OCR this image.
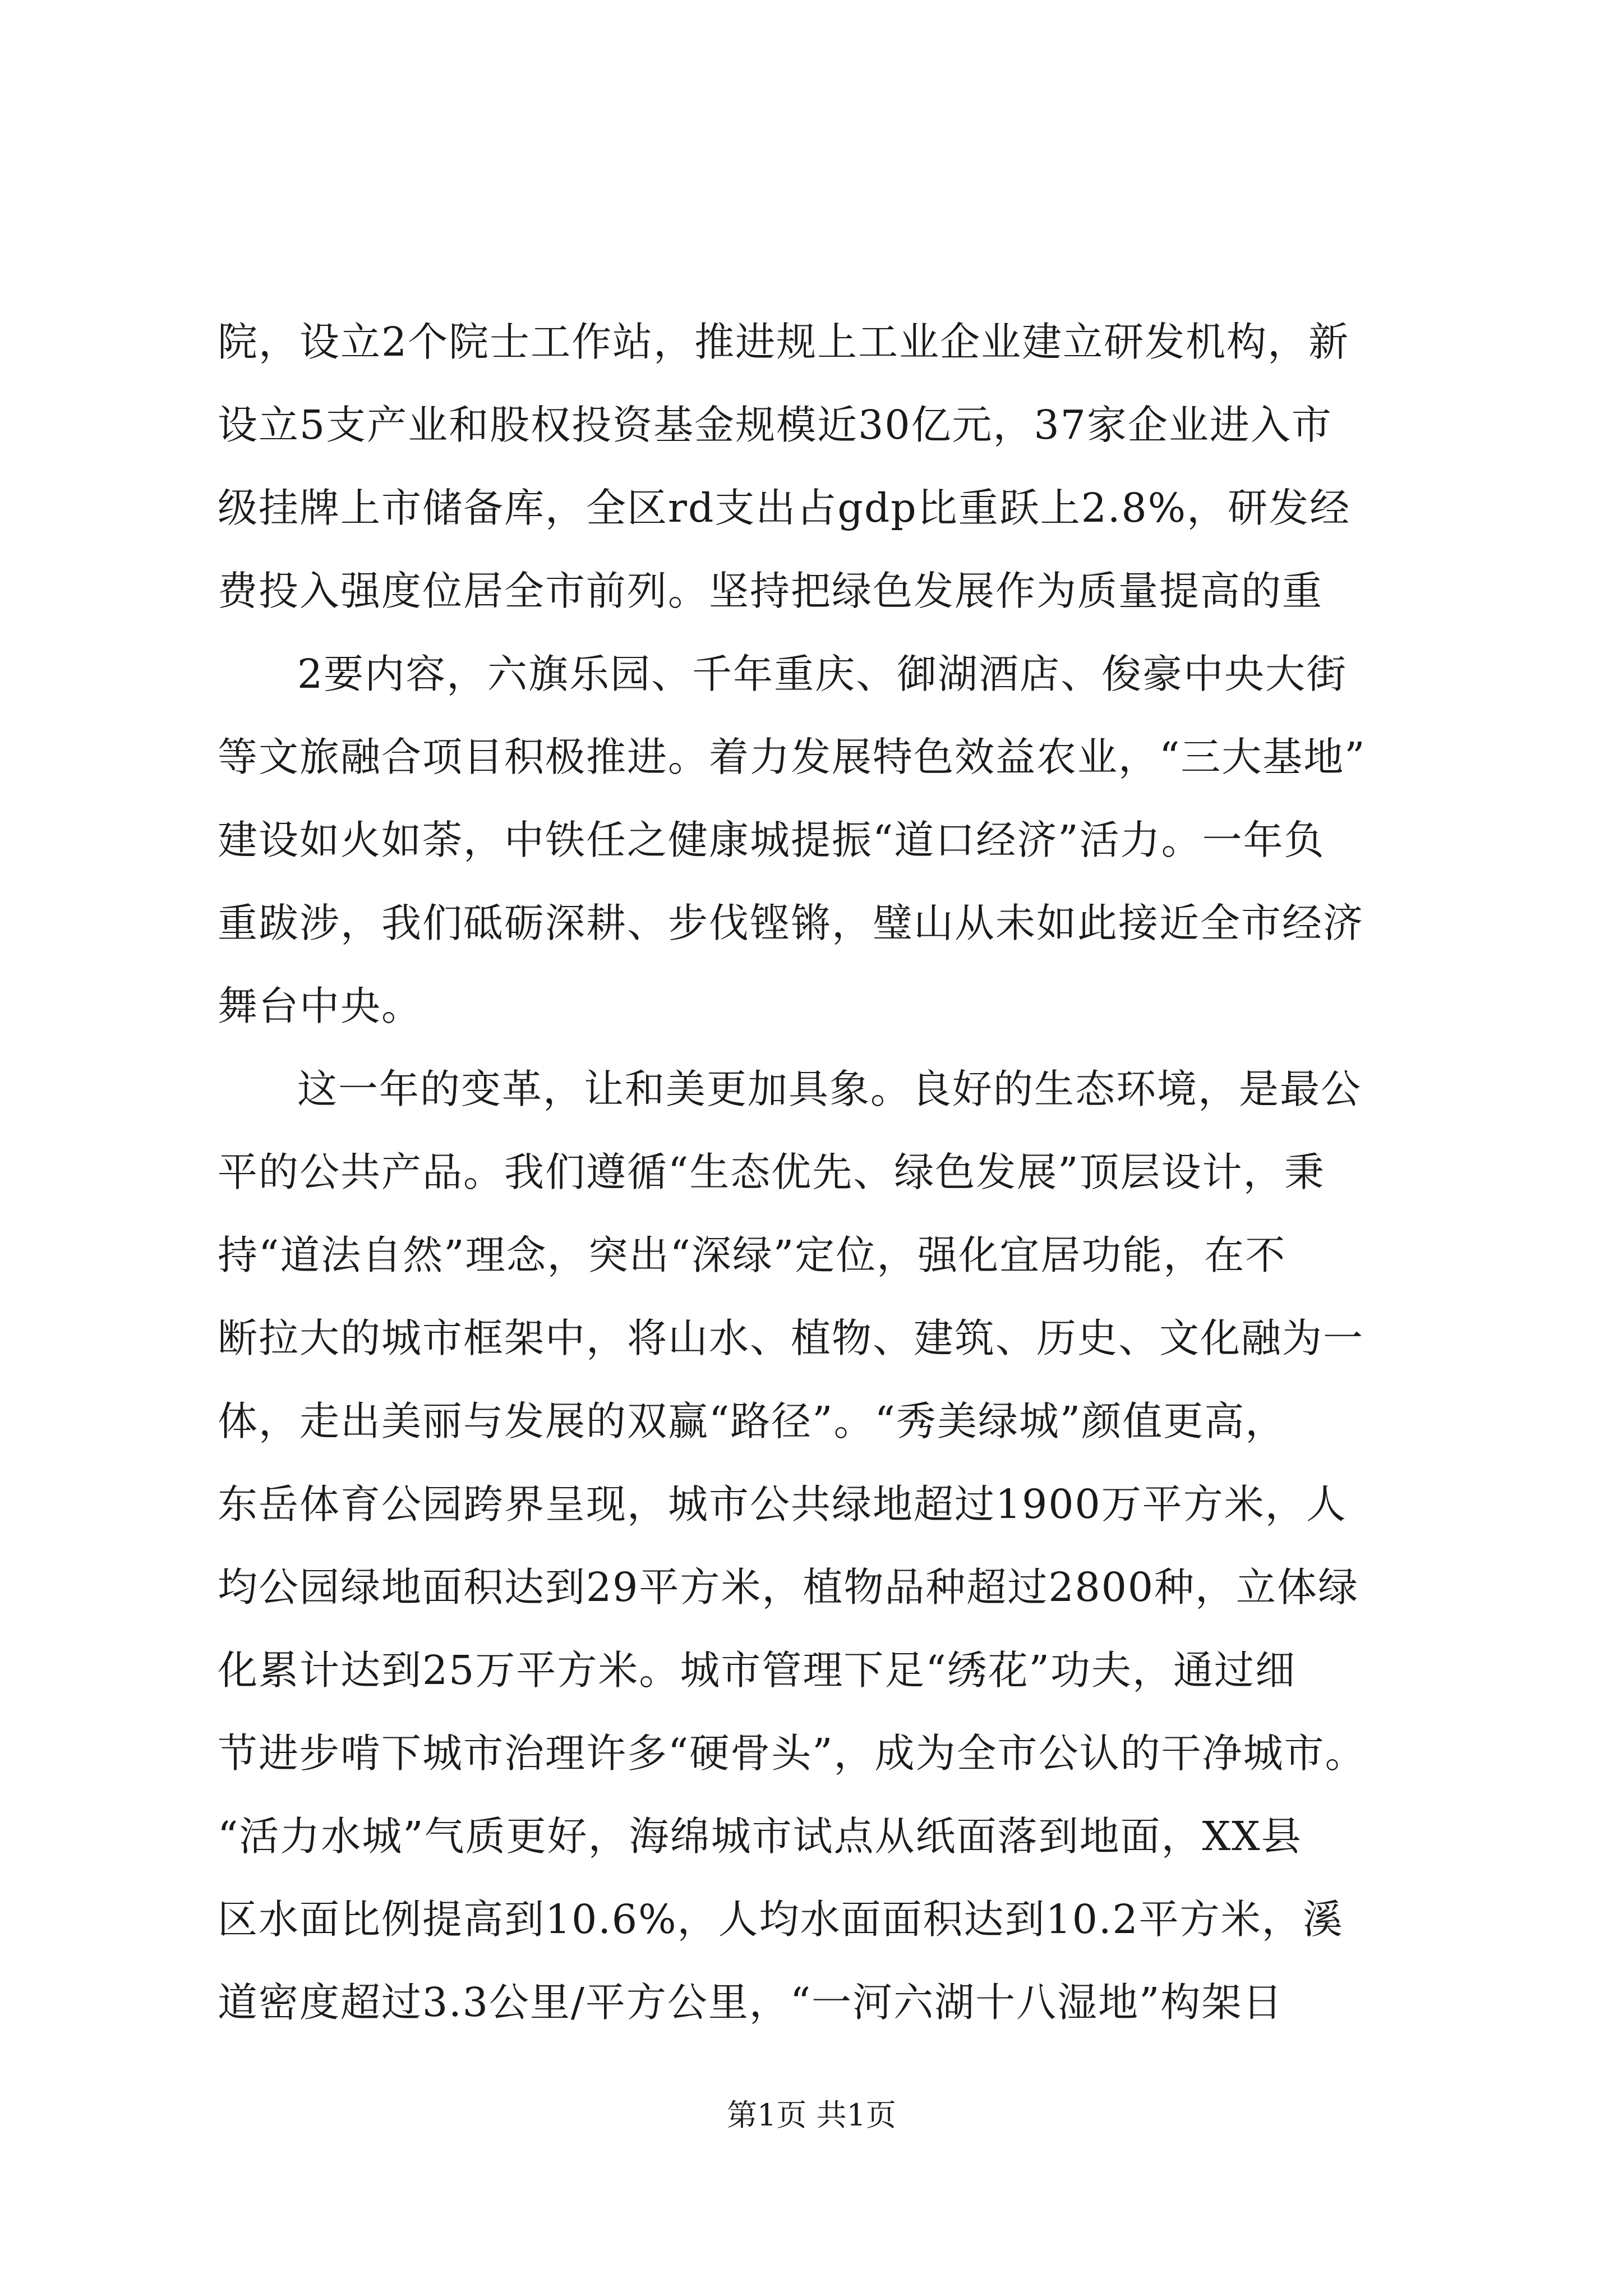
院，设立2个院士工作站，推进规上工业企业建立研发机构，新
设立5支产业和股权投资基金规模近30亿元，37家企业进入市
级挂牌上市储备库，全区rd支出占gdp比重跃上2.8%，研发经
费投入强度位居全市前列。坚持把绿色发展作为质量提高的重
2要内容，六旗乐园、千年重庆、御湖酒店、俊豪中央大街
等文旅融合项目积极推进。着力发展特色效益农业，“三大基地”
建设如火如荼，中铁任之健康城提振“道口经济”活力。一年负
重跋涉，我们砥砺深耕、步伐铿锵，璧山从未如此接近全市经济
舞台中央。
这一年的变革，让和美更加具象。良好的生态环境，是最公
平的公共产品。我们遵循“生态优先、绿色发展”顶层设计，秉
持“道法自然”理念，突出“深绿”定位，强化宜居功能，在不
断拉大的城市框架中，将山水、植物、建筑、历史、文化融为一
体，走出美丽与发展的双赢“路径”。“秀美绿城”颜值更高，
东岳体育公园跨界呈现，城市公共绿地超过1900万平方米，人
均公园绿地面积达到29平方米，植物品种超过2800种，立体绿
化累计达到25万平方米。城市管理下足“绣花”功夫，通过细
节进步啃下城市治理许多“硬骨头”，成为全市公认的干净城市。
“活力水城”气质更好，海绵城市试点从纸面落到地面，XX县
区水面比例提高到10.6%，人均水面面积达到10.2平方米，溪
道密度超过3.3公里/平方公里，“一河六湖十八湿地”构架日
第1页 共1页
